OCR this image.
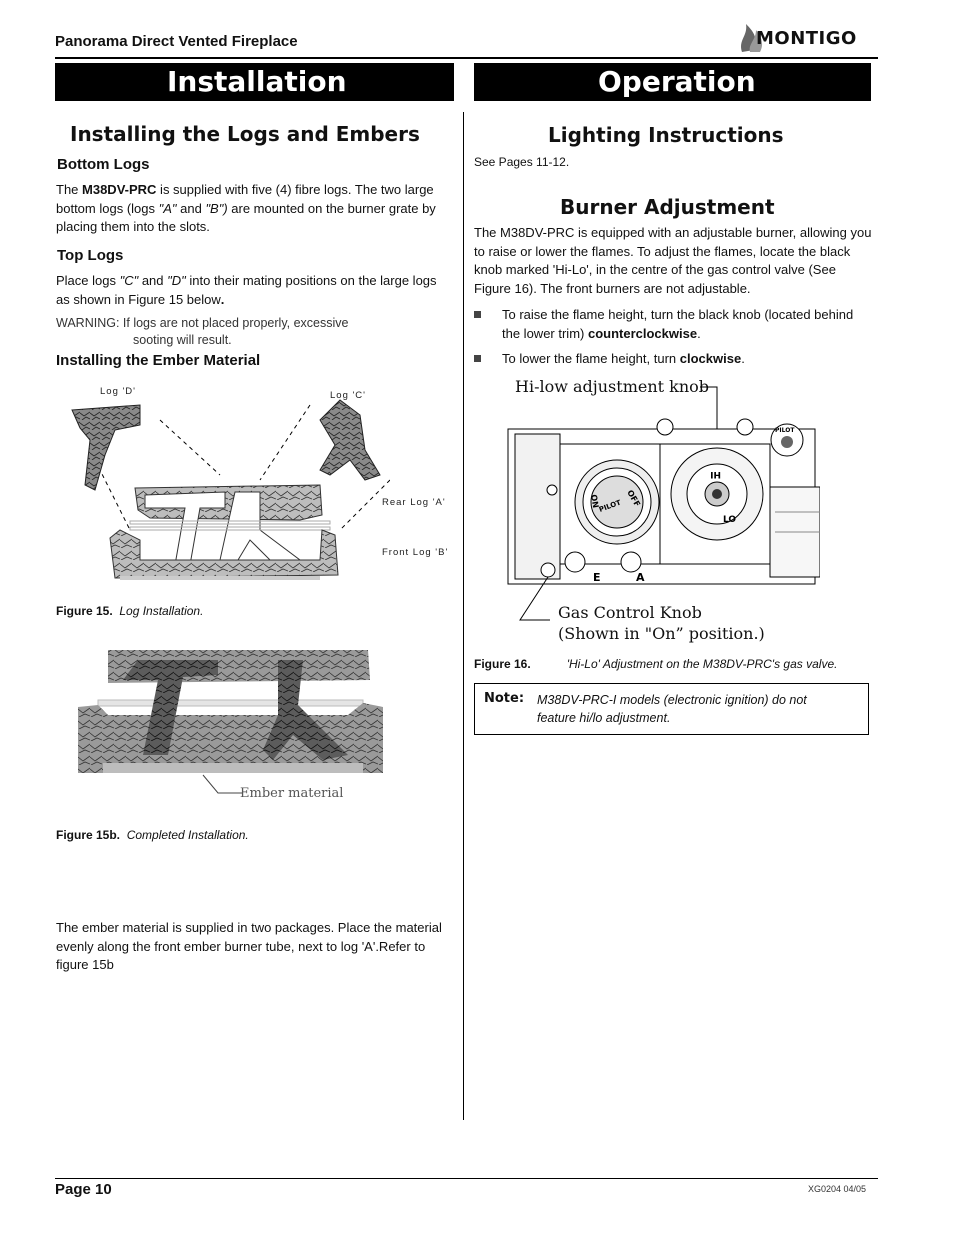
Panorama Direct Vented Fireplace	MONTIGO
Installation	Operation
Installing the Logs and Embers
Bottom Logs
The M38DV-PRC is supplied with five (4) fibre logs. The two large bottom logs (logs "A" and "B") are mounted on the burner grate by placing them into the slots.
Top Logs
Place logs "C" and "D" into their mating positions on the large logs as shown in Figure 15 below.
WARNING: If logs are not placed properly, excessive
sooting will result.
Installing the Ember Material
Log 'D'	Log 'C'
Rear Log 'A'
Front Log 'B'
Figure 15. Log Installation.
Ember material
Figure 15b. Completed Installation.
The ember material is supplied in two packages. Place the material evenly along the front ember burner tube, next to log 'A'.Refer to figure 15b
Lighting Instructions
See Pages 11-12.
Burner Adjustment
The M38DV-PRC is equipped with an adjustable burner, allowing you to raise or lower the flames. To adjust the flames, locate the black knob marked 'Hi-Lo', in the centre of the gas control valve (See Figure 16). The front burners are not adjustable.
To raise the flame height, turn the black knob (located behind the lower trim) counterclockwise.
To lower the flame height, turn clockwise.
Hi-low adjustment knob
Gas Control Knob
(Shown in "On” position.)
ON	OFF
PILOT
HI
LO
E	A
PILOT
Figure 16.	'Hi-Lo' Adjustment on the M38DV-PRC's gas valve.
Note: M38DV-PRC-I models (electronic ignition) do not feature hi/lo adjustment.
Page 10	XG0204 04/05
